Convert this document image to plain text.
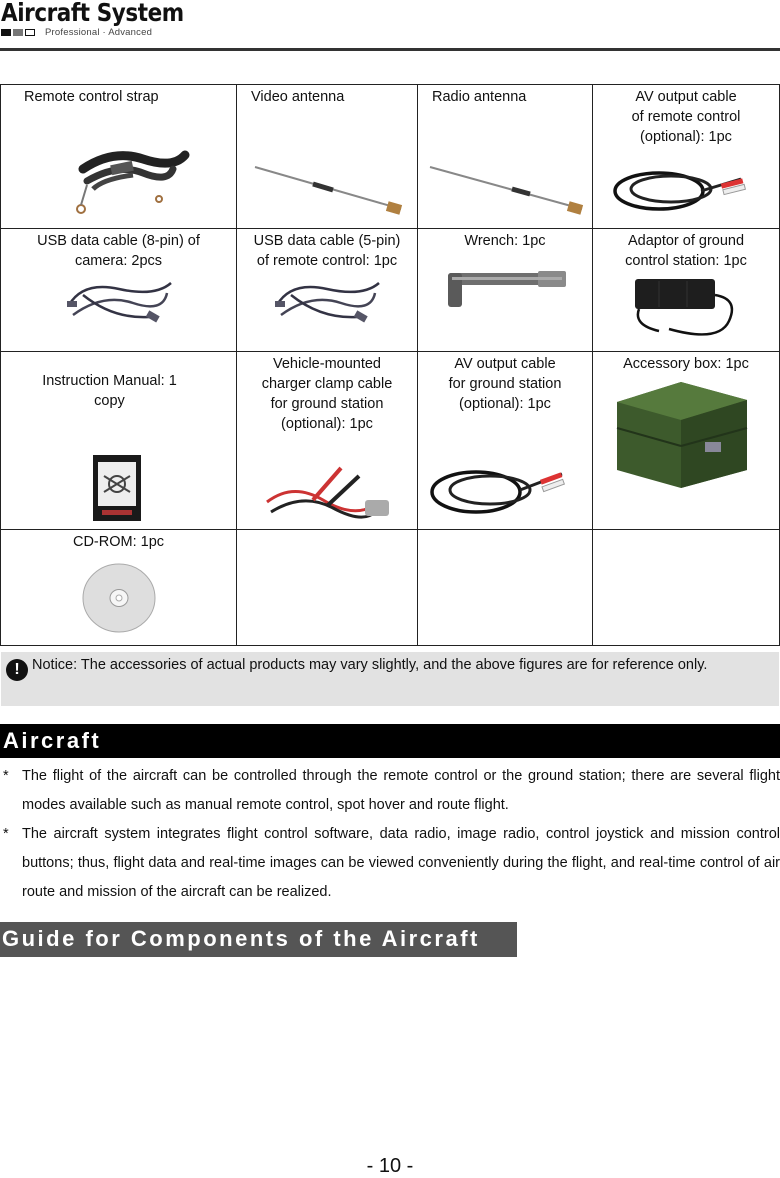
Aircraft System
Professional · Advanced
Remote control strap	Video antenna	Radio antenna	AV output cable
of remote control
(optional): 1pc

USB data cable (8-pin) of
camera: 2pcs	USB data cable (5-pin)
of remote control: 1pc	Wrench: 1pc	Adaptor of ground
control station: 1pc

Instruction Manual: 1
copy	Vehicle-mounted
charger clamp cable
for ground station
(optional): 1pc	AV output cable
for ground station
(optional): 1pc	Accessory box: 1pc

CD-ROM: 1pc			

! Notice: The accessories of actual products may vary slightly, and the above figures are for reference only.
Aircraft
* The flight of the aircraft can be controlled through the remote control or the ground station; there are several flight modes available such as manual remote control, spot hover and route flight.
* The aircraft system integrates flight control software, data radio, image radio, control joystick and mission control buttons; thus, flight data and real-time images can be viewed conveniently during the flight, and real-time control of air route and mission of the aircraft can be realized.
Guide for Components of the Aircraft
- 10 -
